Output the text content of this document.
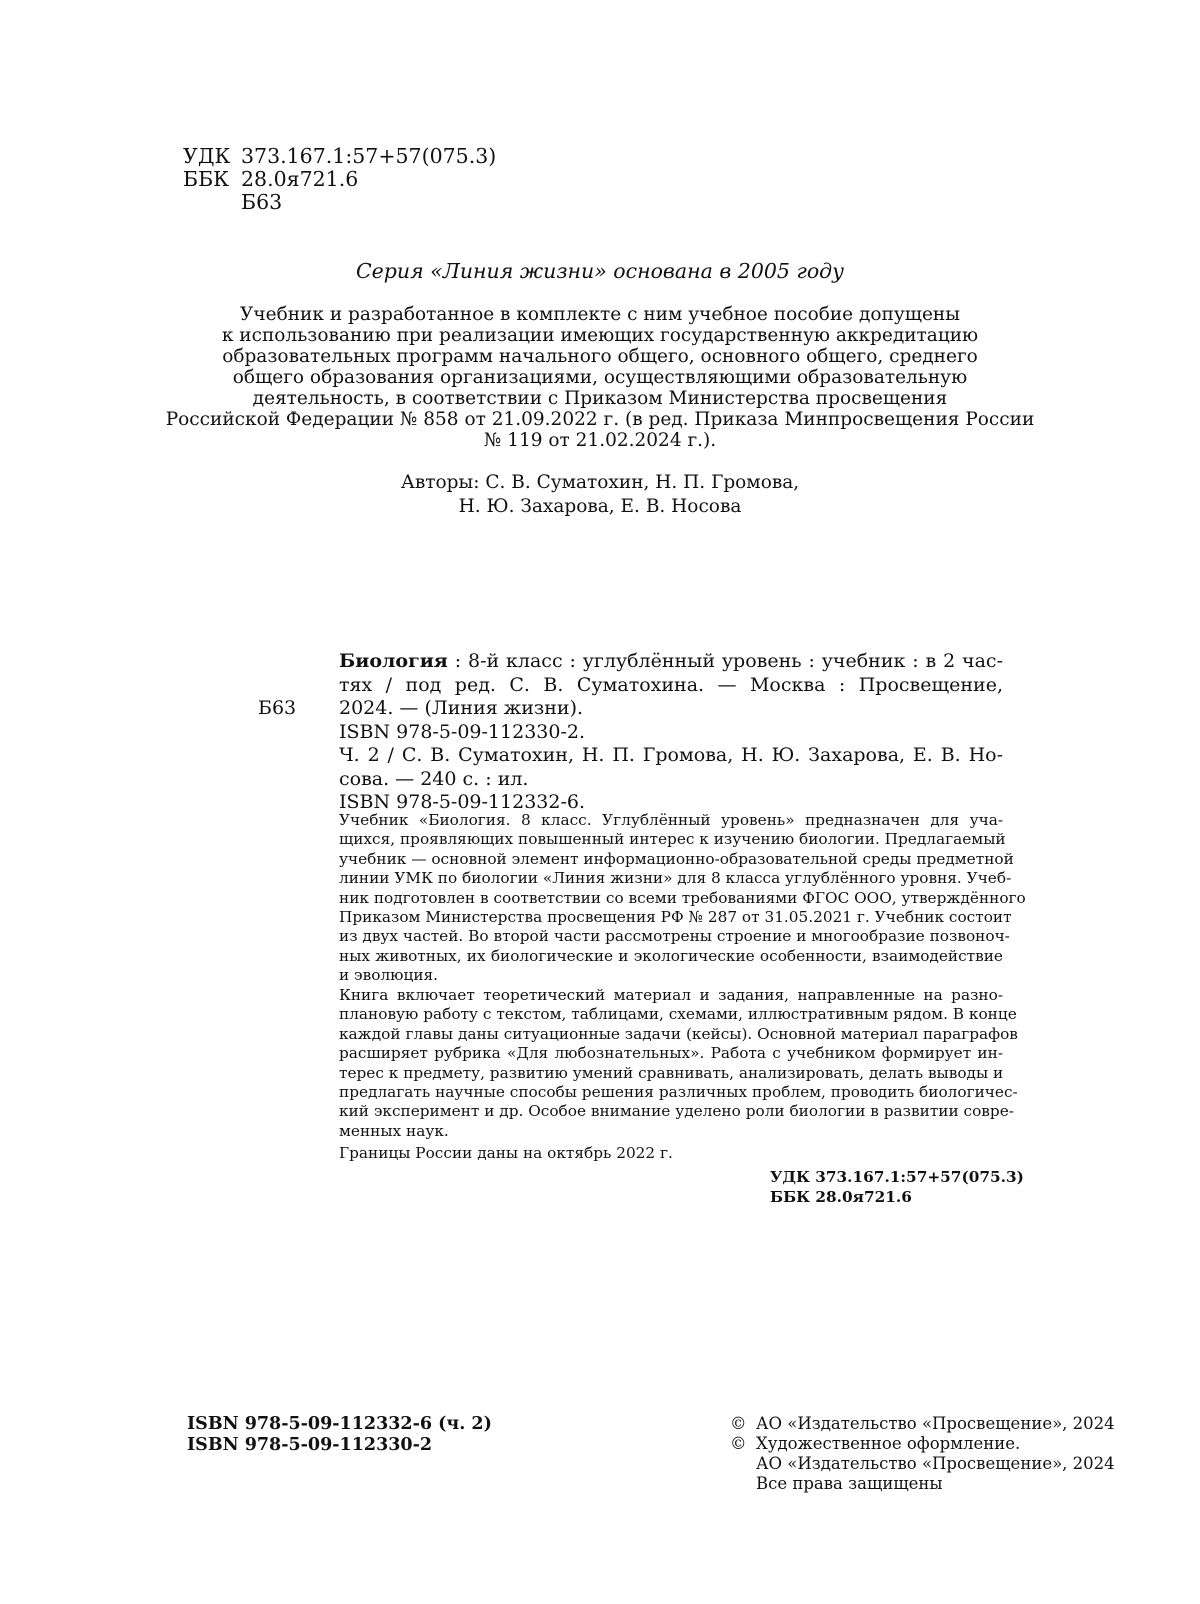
УДК 373.167.1:57+57(075.3)
ББК 28.0я721.6
Б63
Серия «Линия жизни» основана в 2005 году
Учебник и разработанное в комплекте с ним учебное пособие допущены
к использованию при реализации имеющих государственную аккредитацию
образовательных программ начального общего, основного общего, среднего
общего образования организациями, осуществляющими образовательную
деятельность, в соответствии с Приказом Министерства просвещения
Российской Федерации № 858 от 21.09.2022 г. (в ред. Приказа Минпросвещения России
№ 119 от 21.02.2024 г.).
Авторы: С. В. Суматохин, Н. П. Громова,
Н. Ю. Захарова, Е. В. Носова
Б63
Биология : 8-й класс : углублённый уровень : учебник : в 2 час-
тях / под ред. С. В. Суматохина. — Москва : Просвещение,
2024. — (Линия жизни).
ISBN 978-5-09-112330-2.
Ч. 2 / С. В. Суматохин, Н. П. Громова, Н. Ю. Захарова, Е. В. Но-
сова. — 240 с. : ил.
ISBN 978-5-09-112332-6.
Учебник «Биология. 8 класс. Углублённый уровень» предназначен для уча-
щихся, проявляющих повышенный интерес к изучению биологии. Предлагаемый
учебник — основной элемент информационно-образовательной среды предметной
линии УМК по биологии «Линия жизни» для 8 класса углублённого уровня. Учеб-
ник подготовлен в соответствии со всеми требованиями ФГОС ООО, утверждённого
Приказом Министерства просвещения РФ № 287 от 31.05.2021 г. Учебник состоит
из двух частей. Во второй части рассмотрены строение и многообразие позвоноч-
ных животных, их биологические и экологические особенности, взаимодействие
и эволюция.
Книга включает теоретический материал и задания, направленные на разно-
плановую работу с текстом, таблицами, схемами, иллюстративным рядом. В конце
каждой главы даны ситуационные задачи (кейсы). Основной материал параграфов
расширяет рубрика «Для любознательных». Работа с учебником формирует ин-
терес к предмету, развитию умений сравнивать, анализировать, делать выводы и
предлагать научные способы решения различных проблем, проводить биологичес-
кий эксперимент и др. Особое внимание уделено роли биологии в развитии совре-
менных наук.
Границы России даны на октябрь 2022 г.
УДК 373.167.1:57+57(075.3)
ББК 28.0я721.6
ISBN 978-5-09-112332-6 (ч. 2)
ISBN 978-5-09-112330-2
© АО «Издательство «Просвещение», 2024
© Художественное оформление.
АО «Издательство «Просвещение», 2024
Все права защищены
